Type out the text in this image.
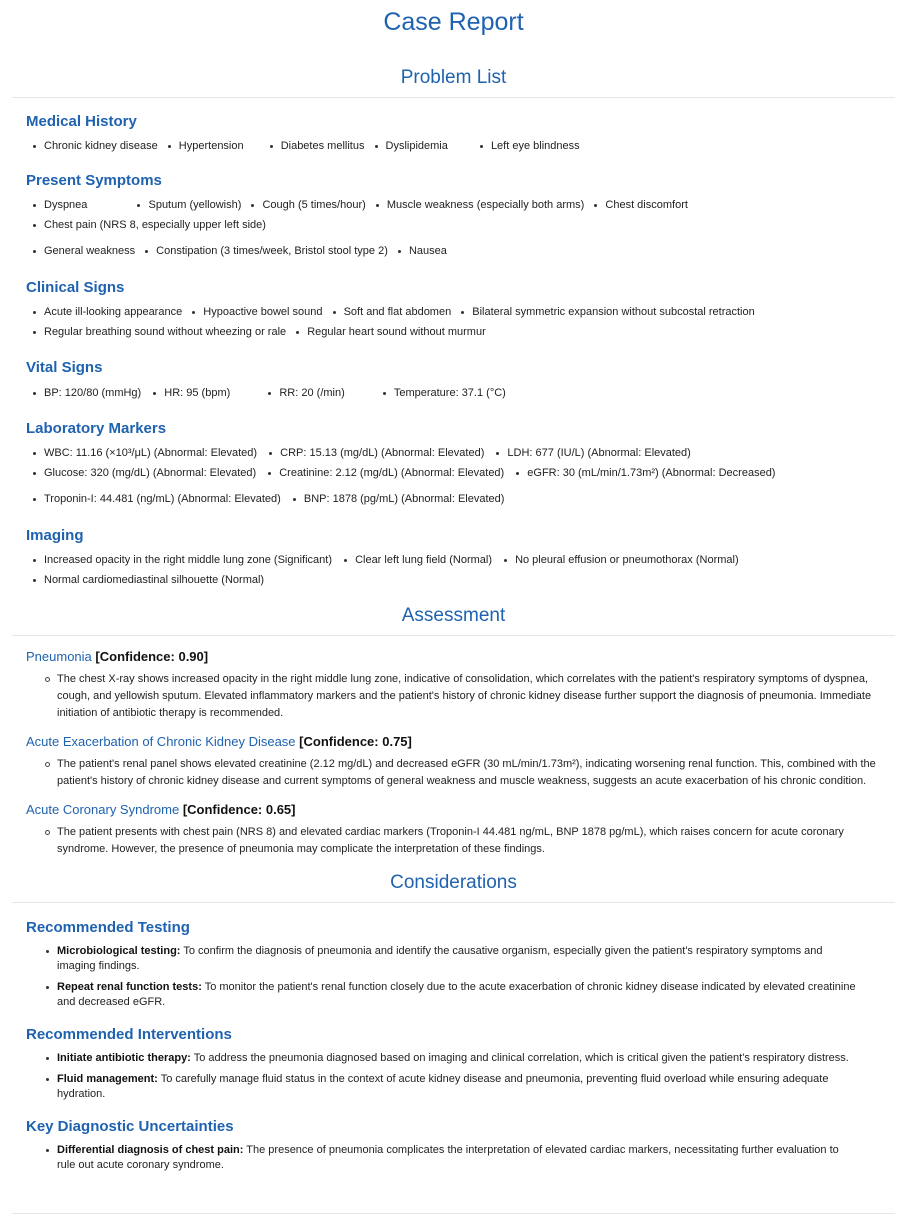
Case Report
Problem List
Medical History
Chronic kidney disease Hypertension	Diabetes mellitus Dyslipidemia	Left eye blindness
Present Symptoms
Dyspnea	Sputum (yellowish) Cough (5 times/hour) Muscle weakness (especially both arms) Chest discomfort
Chest pain (NRS 8, especially upper left side)
General weakness Constipation (3 times/week, Bristol stool type 2) Nausea
Clinical Signs
Acute ill-looking appearance Hypoactive bowel sound Soft and flat abdomen Bilateral symmetric expansion without subcostal retraction Regular breathing sound without wheezing or rale Regular heart sound without murmur
Vital Signs
BP: 120/80 (mmHg) HR: 95 (bpm)	RR: 20 (/min)	Temperature: 37.1 (°C)
Laboratory Markers
WBC: 11.16 (×10³/μL) (Abnormal: Elevated) CRP: 15.13 (mg/dL) (Abnormal: Elevated) LDH: 677 (IU/L) (Abnormal: Elevated) Glucose: 320 (mg/dL) (Abnormal: Elevated) Creatinine: 2.12 (mg/dL) (Abnormal: Elevated) eGFR: 30 (mL/min/1.73m²) (Abnormal: Decreased)
Troponin-I: 44.481 (ng/mL) (Abnormal: Elevated) BNP: 1878 (pg/mL) (Abnormal: Elevated)
Imaging
Increased opacity in the right middle lung zone (Significant) Clear left lung field (Normal) No pleural effusion or pneumothorax (Normal) Normal cardiomediastinal silhouette (Normal)
Assessment

Pneumonia [Confidence: 0.90]

The chest X-ray shows increased opacity in the right middle lung zone, indicative of consolidation, which correlates with the patient's respiratory symptoms of dyspnea, cough, and yellowish sputum. Elevated inflammatory markers and the patient's history of chronic kidney disease further support the diagnosis of pneumonia. Immediate initiation of antibiotic therapy is recommended.

Acute Exacerbation of Chronic Kidney Disease [Confidence: 0.75]

The patient's renal panel shows elevated creatinine (2.12 mg/dL) and decreased eGFR (30 mL/min/1.73m²), indicating worsening renal function. This, combined with the patient's history of chronic kidney disease and current symptoms of general weakness and muscle weakness, suggests an acute exacerbation of his chronic condition.

Acute Coronary Syndrome [Confidence: 0.65]

The patient presents with chest pain (NRS 8) and elevated cardiac markers (Troponin-I 44.481 ng/mL, BNP 1878 pg/mL), which raises concern for acute coronary syndrome. However, the presence of pneumonia may complicate the interpretation of these findings.
Considerations
Recommended Testing
Microbiological testing: To confirm the diagnosis of pneumonia and identify the causative organism, especially given the patient's respiratory symptoms and imaging findings.
Repeat renal function tests: To monitor the patient's renal function closely due to the acute exacerbation of chronic kidney disease indicated by elevated creatinine and decreased eGFR.
Recommended Interventions
Initiate antibiotic therapy: To address the pneumonia diagnosed based on imaging and clinical correlation, which is critical given the patient's respiratory distress.
Fluid management: To carefully manage fluid status in the context of acute kidney disease and pneumonia, preventing fluid overload while ensuring adequate hydration.
Key Diagnostic Uncertainties
Differential diagnosis of chest pain: The presence of pneumonia complicates the interpretation of elevated cardiac markers, necessitating further evaluation to rule out acute coronary syndrome.
